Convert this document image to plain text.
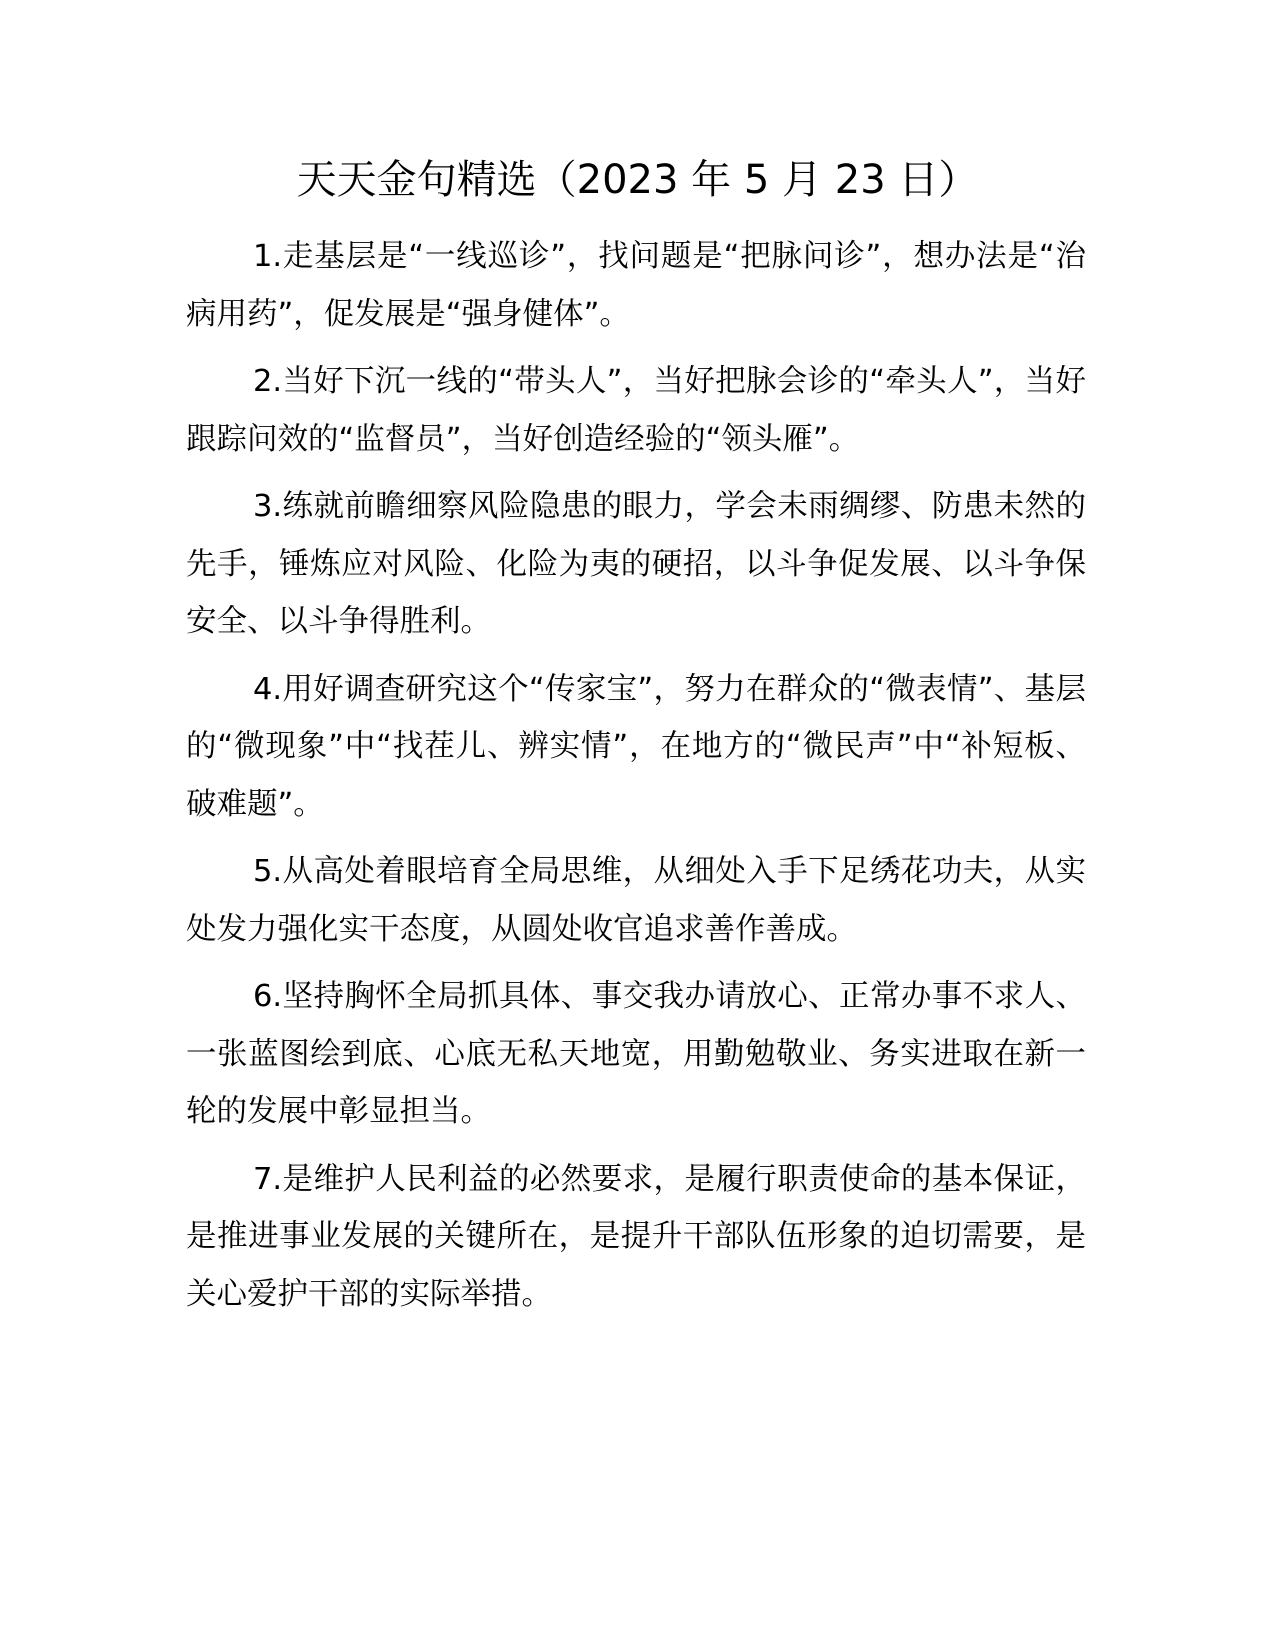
天天金句精选（2023 年 5 月 23 日）

1.走基层是“一线巡诊”，找问题是“把脉问诊”，想办法是“治病用药”，促发展是“强身健体”。

2.当好下沉一线的“带头人”，当好把脉会诊的“牵头人”，当好跟踪问效的“监督员”，当好创造经验的“领头雁”。

3.练就前瞻细察风险隐患的眼力，学会未雨绸缪、防患未然的先手，锤炼应对风险、化险为夷的硬招，以斗争促发展、以斗争保安全、以斗争得胜利。

4.用好调查研究这个“传家宝”，努力在群众的“微表情”、基层的“微现象”中“找茬儿、辨实情”，在地方的“微民声”中“补短板、破难题”。

5.从高处着眼培育全局思维，从细处入手下足绣花功夫，从实处发力强化实干态度，从圆处收官追求善作善成。

6.坚持胸怀全局抓具体、事交我办请放心、正常办事不求人、一张蓝图绘到底、心底无私天地宽，用勤勉敬业、务实进取在新一轮的发展中彰显担当。

7.是维护人民利益的必然要求，是履行职责使命的基本保证，是推进事业发展的关键所在，是提升干部队伍形象的迫切需要，是关心爱护干部的实际举措。
